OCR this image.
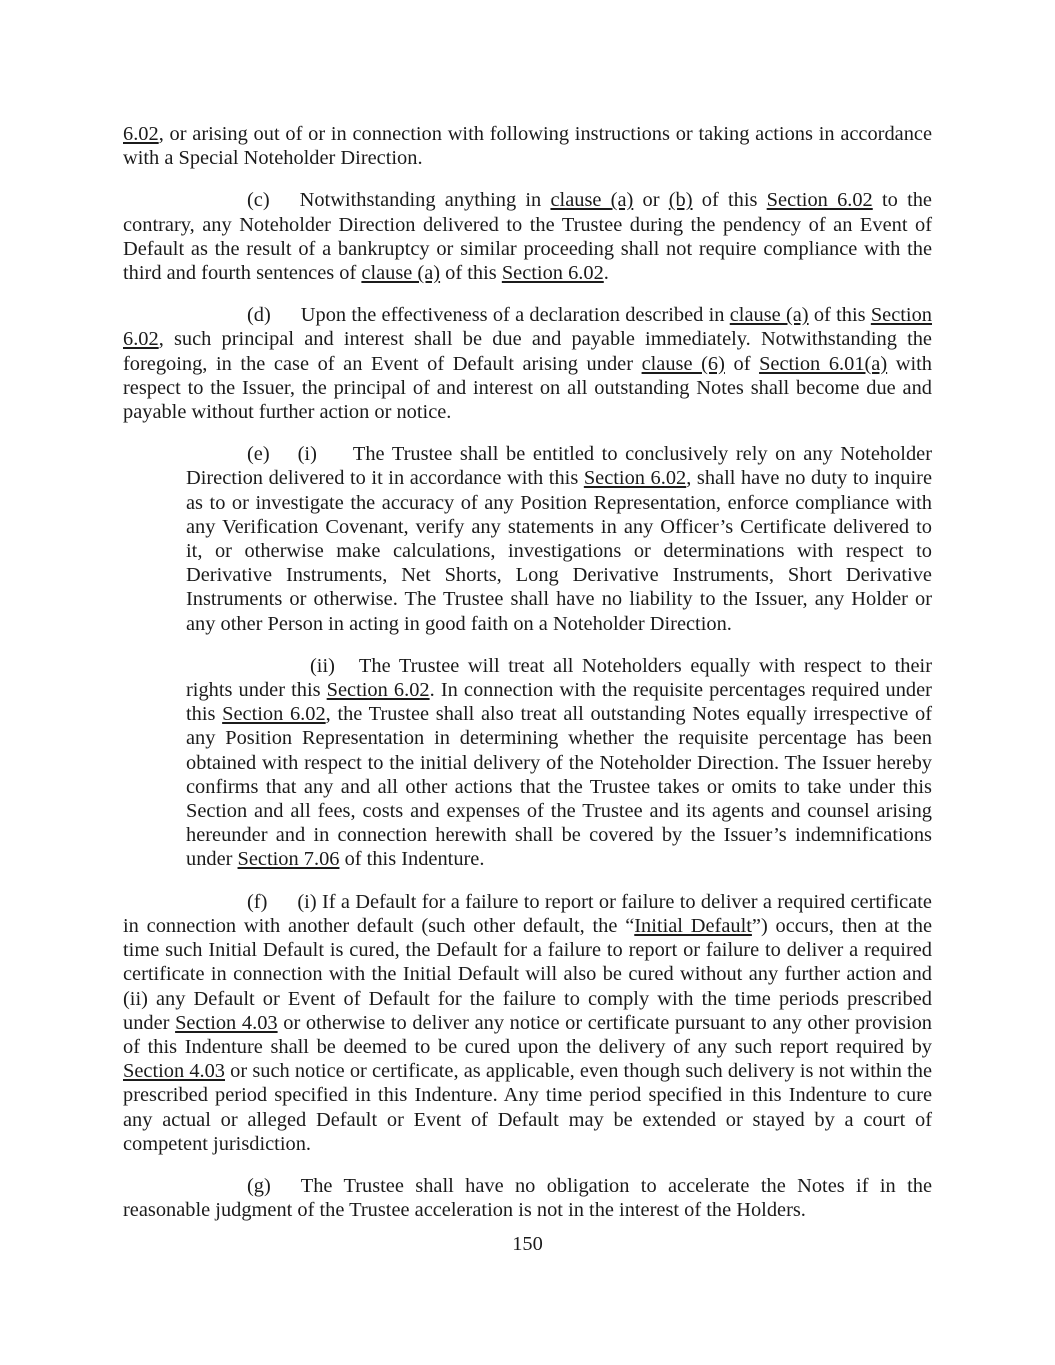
6.02, or arising out of or in connection with following instructions or taking actions in accordance with a Special Noteholder Direction.

(c) Notwithstanding anything in clause (a) or (b) of this Section 6.02 to the contrary, any Noteholder Direction delivered to the Trustee during the pendency of an Event of Default as the result of a bankruptcy or similar proceeding shall not require compliance with the third and fourth sentences of clause (a) of this Section 6.02.

(d) Upon the effectiveness of a declaration described in clause (a) of this Section 6.02, such principal and interest shall be due and payable immediately. Notwithstanding the foregoing, in the case of an Event of Default arising under clause (6) of Section 6.01(a) with respect to the Issuer, the principal of and interest on all outstanding Notes shall become due and payable without further action or notice.

(e) (i) The Trustee shall be entitled to conclusively rely on any Noteholder Direction delivered to it in accordance with this Section 6.02, shall have no duty to inquire as to or investigate the accuracy of any Position Representation, enforce compliance with any Verification Covenant, verify any statements in any Officer’s Certificate delivered to it, or otherwise make calculations, investigations or determinations with respect to Derivative Instruments, Net Shorts, Long Derivative Instruments, Short Derivative Instruments or otherwise. The Trustee shall have no liability to the Issuer, any Holder or any other Person in acting in good faith on a Noteholder Direction.

(ii) The Trustee will treat all Noteholders equally with respect to their rights under this Section 6.02. In connection with the requisite percentages required under this Section 6.02, the Trustee shall also treat all outstanding Notes equally irrespective of any Position Representation in determining whether the requisite percentage has been obtained with respect to the initial delivery of the Noteholder Direction. The Issuer hereby confirms that any and all other actions that the Trustee takes or omits to take under this Section and all fees, costs and expenses of the Trustee and its agents and counsel arising hereunder and in connection herewith shall be covered by the Issuer’s indemnifications under Section 7.06 of this Indenture.

(f) (i) If a Default for a failure to report or failure to deliver a required certificate in connection with another default (such other default, the “Initial Default”) occurs, then at the time such Initial Default is cured, the Default for a failure to report or failure to deliver a required certificate in connection with the Initial Default will also be cured without any further action and (ii) any Default or Event of Default for the failure to comply with the time periods prescribed under Section 4.03 or otherwise to deliver any notice or certificate pursuant to any other provision of this Indenture shall be deemed to be cured upon the delivery of any such report required by Section 4.03 or such notice or certificate, as applicable, even though such delivery is not within the prescribed period specified in this Indenture. Any time period specified in this Indenture to cure any actual or alleged Default or Event of Default may be extended or stayed by a court of competent jurisdiction.

(g) The Trustee shall have no obligation to accelerate the Notes if in the reasonable judgment of the Trustee acceleration is not in the interest of the Holders.

150
